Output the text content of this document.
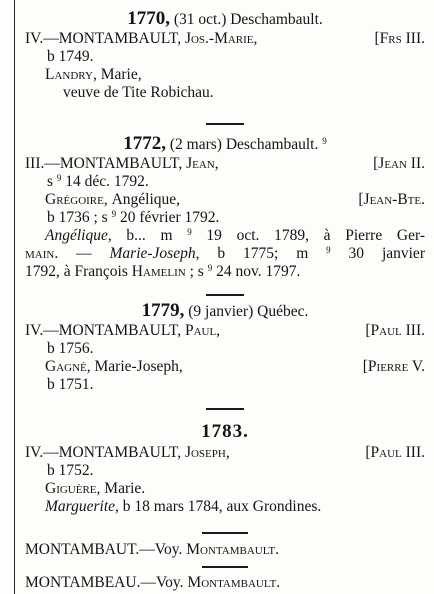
1770, (31 oct.) Deschambault.
IV.—MONTAMBAULT, Jos.-Marie,	[Frs III.
b 1749.
Landry, Marie,
veuve de Tite Robichau.
1772, (2 mars) Deschambault. $^9$
III.—MONTAMBAULT, Jean,	[Jean II.
s $^9$ 14 déc. 1792.
Grégoire, Angélique,	[Jean-Bte.
b 1736 ; s $^9$ 20 février 1792.
Angélique, b... m $^9$ 19 oct. 1789, à Pierre Ger-
main. — Marie-Joseph, b 1775; m $^9$ 30 janvier
1792, à François Hamelin ; s $^9$ 24 nov. 1797.
1779, (9 janvier) Québec.
IV.—MONTAMBAULT, Paul,	[Paul III.
b 1756.
Gagné, Marie-Joseph,	[Pierre V.
b 1751.
1783.
IV.—MONTAMBAULT, Joseph,	[Paul III.
b 1752.
Giguère, Marie.
Marguerite, b 18 mars 1784, aux Grondines.
MONTAMBAUT.—Voy. Montambault.
MONTAMBEAU.—Voy. Montambault.
